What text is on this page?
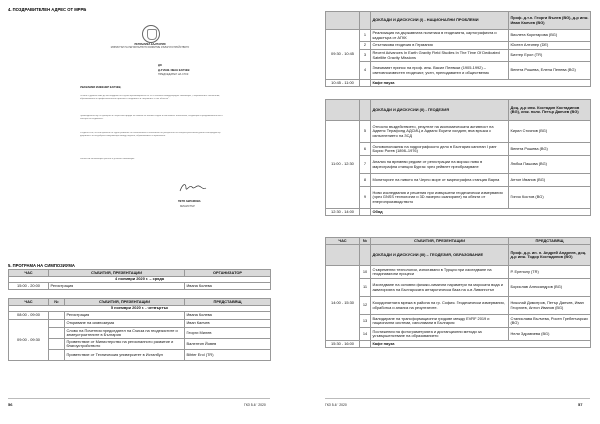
4. ПОЗДРАВИТЕЛЕН АДРЕС ОТ МРРБ
РЕПУБЛИКА БЪЛГАРИЯ
МИНИСТЪР НА РЕГИОНАЛНОТО РАЗВИТИЕ И БЛАГОУСТРОЙСТВОТО
ДО
Д-Р ИНЖ. ИВАН КАЛЧЕВ
ПРЕДСЕДАТЕЛ НА СГКК
УВАЖАЕМИ ИНЖЕНЕР КАЛЧЕВ,
За мен е удоволствие да Ви поздравя по случай организирането на XXX юбилеен международен симпозиум „Съвременните технологии, образованието и професионалната практика в геодезията и свързаните с нея области“.
Провеждането му се превърна в съществен форум за обмяна на знания и идеи в най-новите технологии, тенденции и предизвикателства в сектора на геодезията.
Убедена съм, че във времето на бурно развитие на технологиите и засилване на употребата на геопространствени данни този форум ще допринесе за по-добрата комуникация между науката, образованието и практиката.
Желая Ви ползотворна работа и успешен симпозиум!
ПЕТЯ АВРАМОВА
МИНИСТЪР
5. ПРОГРАМА НА СИМПОЗИУМА
ЧАС	СЪБИТИЯ, ПРЕЗЕНТАЦИИ	ОРГАНИЗАТОР
4 ноември 2020 г. – сряда		
15:00 - 20:00	Регистрация	Ивана Колева
ЧАС	№	СЪБИТИЯ, ПРЕЗЕНТАЦИИ	ПРЕДСТАВЯЩ
5 ноември 2020 г. - четвъртък			
08:00 - 09:00		Регистрация	Ивана Колева
09:00 - 09:30		Откриване на симпозиума	Иван Калчев
		Слово на Почетния председател на Съюза на геодезистите и земеустроителите в България	Георги Милев
		Приветствие от Министерство на регионалното развитие и благоустройството	Валентин Йовев
		Приветствие от Техническия университет в Истанбул	Bihter Erol (TR)
56	ГКЗ 5-6 ' 2020
		ДОКЛАДИ И ДИСКУСИИ (I) - НАЦИОНАЛНИ ПРОБЛЕМИ	Проф. д.т.н. Георги Вълев (BG), д-р инж. Иван Калчев (BG)
09:30 - 10:45	1	Реализация на държавната политика в геодезията, картографията и кадастъра от АГКК	Виолета Коритарова (BG)
	2	Спътникова геодезия в Германия	Юсеел Алтинер (DE)
	3	Recent Advances In Earth Gravity Field Studies In The Time Of Dedicated Satellite Gravity Missions	Бихтер Ерол (TR)
	4	Значимият принос на проф. инж. Васил Пеевски (1905-1992) – световноизвестен геодезист, учен, преподавател и общественик	Венета Рошева, Елена Пенева (BG)
10:45 - 11:00		Кафе пауза	
		ДОКЛАДИ И ДИСКУСИИ (II) - ГЕОДЕЗИЯ	Доц. д-р инж. Костадин Костадинов (BG), инж. полк. Петър Данчев (BG)
11:00 - 12:30	5	Относно въздействието, резултат на икономическата активност на Адвенс Терафонд АДСИЦ и Адванс Екуити холдинг, във връзка с изпълнението на ЗСД	Кирил Стоянов (BG)
	6	Основоположник на хидрографското дело в България капитан I ранг Борис Рогев (1898–1976)	Венета Рошева (BG)
	7	Анализ на времеви редове от регистрации на морско ниво в мареографна станция Бургас чрез уейвлет преобразуване	Любка Пашова (BG)
	8	Мониторинг на нивото на Черно море от мареографна станция Варна	Антон Иванов (BG)
	9	Нови изследвания и решения при извършени геодезически измервания (чрез GNSS технологии и 3D лазерно сканиране) на обекти от енергопроизводството	Гинчо Костов (BG)
12:30 - 14:00		Обяд	
ЧАС	№	СЪБИТИЯ, ПРЕЗЕНТАЦИИ	ПРЕДСТАВЯЩ
		ДОКЛАДИ И ДИСКУСИИ (III) – ГЕОДЕЗИЯ, ОБРАЗОВАНИЕ	Проф. д-р. ин. н. Андрей Андреев, доц. д-р инж. Тодор Костадинов (BG)
14:00 - 15:30	10	Съвременни технологии, използвани в Турция при изследване на геодинамични процеси	Р. Еренолу (TR)
	11	Изследване на основни физико-химични параметри на морската вода и акваторията на Българската антарктическа база на о-в Ливингстън	Борислав Александров (BG)
	12	Координатната мрежа в района на гр. София. Геодезически измервания, обработка и анализ на резултатите.	Николай Димитров, Петър Данчев, Иван Георгиев, Антон Иванов (BG)
	13	Валидиране на трансформационни гридове между EVRF 2019 и национални системи, използвани в България	Станислава Вълчева, Росен Гребенчарски (BG)
	14	Постижения на фотограметрията и дистанционни методи за усъвършенстване на образованието	Нели Здравчева (BG)
15:30 - 16:00		Кафе пауза	
ГКЗ 5-6 ' 2020	57
